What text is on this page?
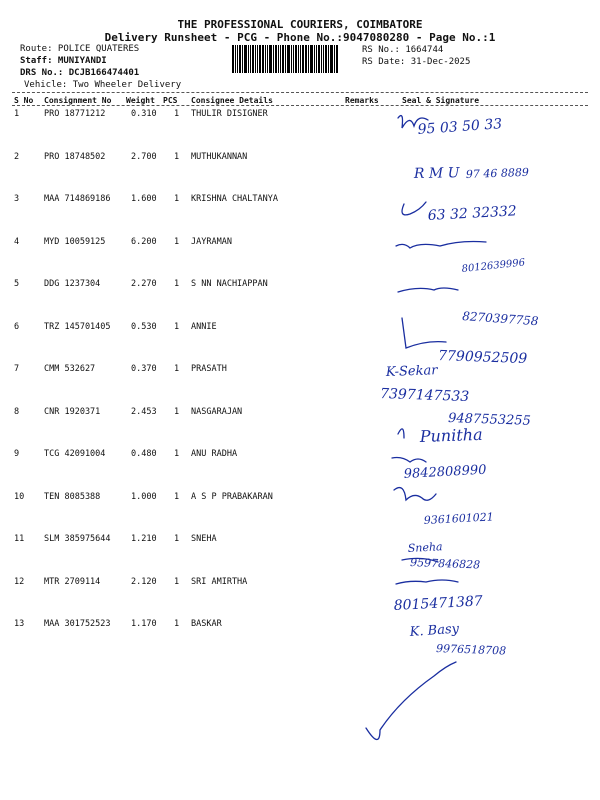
THE PROFESSIONAL COURIERS, COIMBATORE
Delivery Runsheet - PCG - Phone No.:9047080280 - Page No.:1
Route: POLICE QUATERES
Staff: MUNIYANDI
DRS No.: DCJB166474401
Vehicle: Two Wheeler Delivery
RS No.: 1664744
RS Date: 31-Dec-2025
S No Consignment No Weight PCS Consignee Details	Remarks	Seal & Signature
1	PRO 18771212	0.310 1 THULIR DISIGNER
2	PRO 18748502	2.700 1 MUTHUKANNAN
3	MAA 714869186 1.600 1 KRISHNA CHALTANYA
4	MYD 10059125	6.200 1 JAYRAMAN
5	DDG 1237304	2.270 1 S NN NACHIAPPAN
6	TRZ 145701405 0.530 1 ANNIE
7	CMM 532627	0.370 1 PRASATH
8	CNR 1920371	2.453 1 NASGARAJAN
9	TCG 42091004	0.480 1 ANU RADHA
10 TEN 8085388	1.000 1 A S P PRABAKARAN
11 SLM 385975644 1.210 1 SNEHA
12 MTR 2709114	2.120 1 SRI AMIRTHA
13 MAA 301752523 1.170 1 BASKAR
95 03 50 33
R M U 97 46 8889
63 32 32332
8012639996
8270397758
7790952509
K-Sekar
7397147533
9487553255
Punitha
9842808990
9361601021
Sneha
9597846828
8015471387
K. Basy
9976518708
